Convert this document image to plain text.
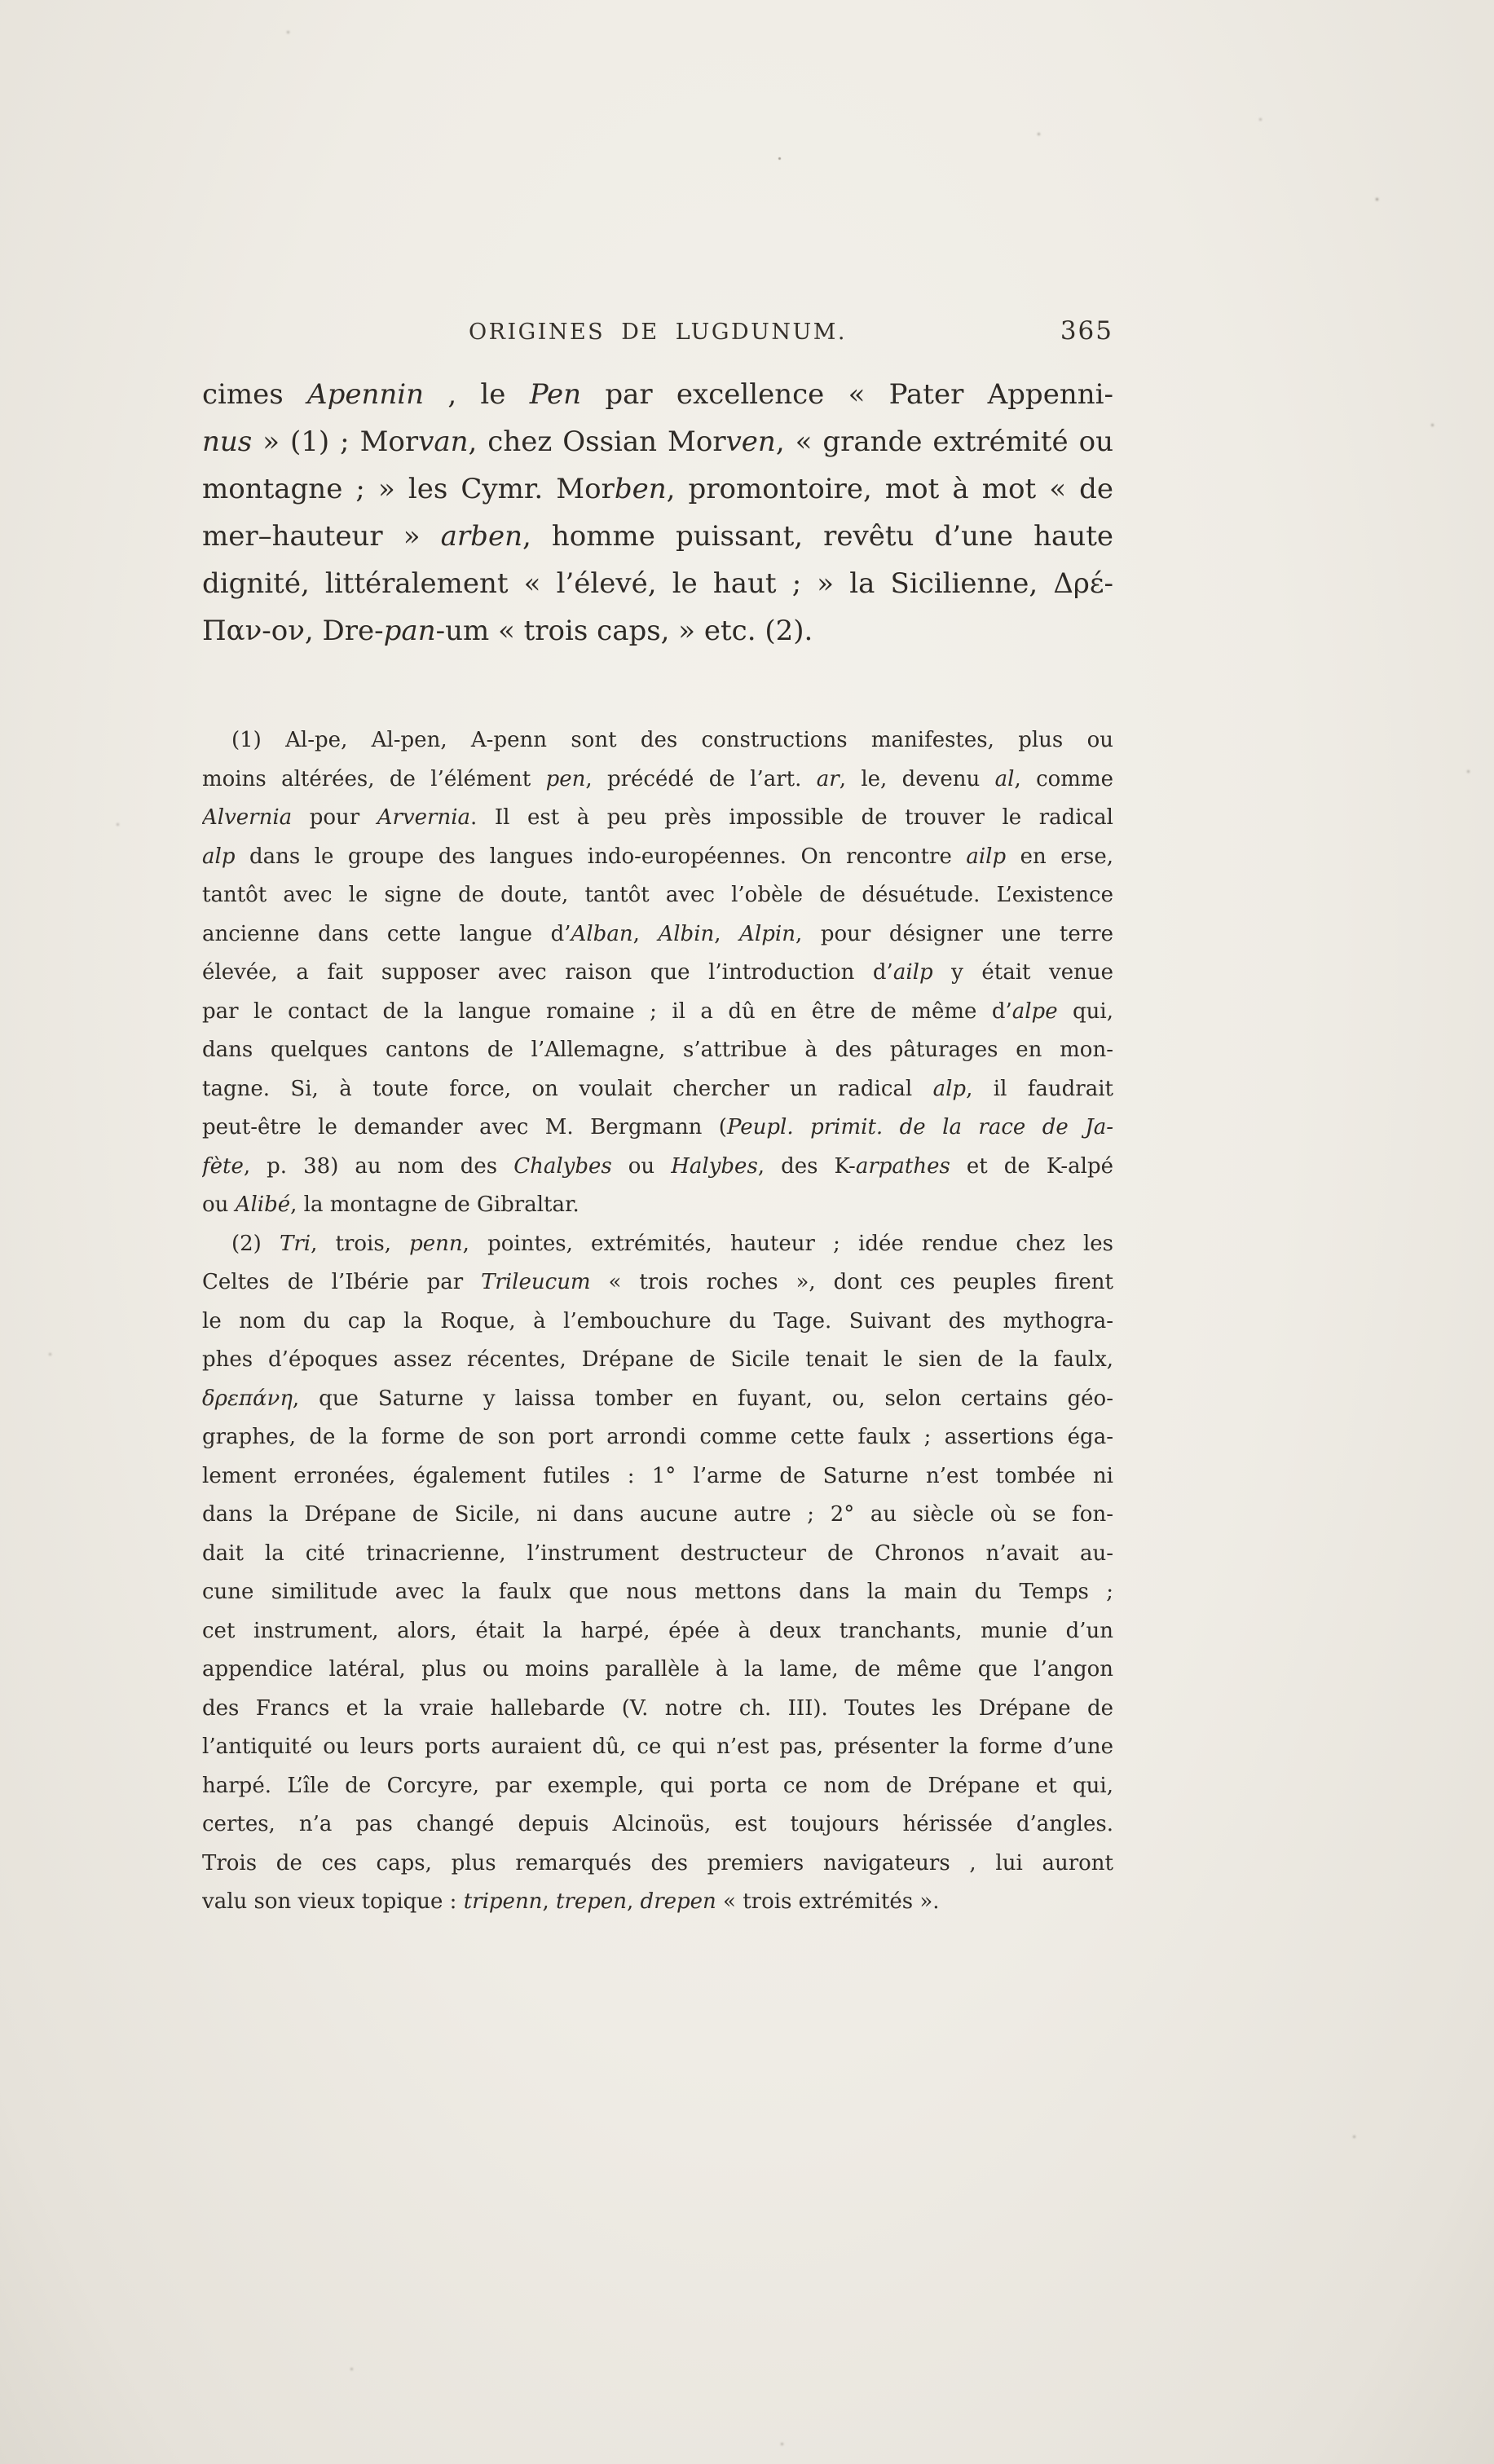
ORIGINES DE LUGDUNUM.	365
cimes Apennin , le Pen par excellence « Pater Appenni-
nus » (1) ; Morvan, chez Ossian Morven, « grande extrémité ou
montagne ; » les Cymr. Morben, promontoire, mot à mot « de
mer–hauteur » arben, homme puissant, revêtu d’une haute
dignité, littéralement « l’élevé, le haut ; » la Sicilienne, Δρέ-
Παν-ον, Dre-pan-um « trois caps, » etc. (2).
(1) Al-pe, Al-pen, A-penn sont des constructions manifestes, plus ou
moins altérées, de l’élément pen, précédé de l’art. ar, le, devenu al, comme
Alvernia pour Arvernia. Il est à peu près impossible de trouver le radical
alp dans le groupe des langues indo-européennes. On rencontre ailp en erse,
tantôt avec le signe de doute, tantôt avec l’obèle de désuétude. L’existence
ancienne dans cette langue d’Alban, Albin, Alpin, pour désigner une terre
élevée, a fait supposer avec raison que l’introduction d’ailp y était venue
par le contact de la langue romaine ; il a dû en être de même d’alpe qui,
dans quelques cantons de l’Allemagne, s’attribue à des pâturages en mon-
tagne. Si, à toute force, on voulait chercher un radical alp, il faudrait
peut-être le demander avec M. Bergmann (Peupl. primit. de la race de Ja-
fète, p. 38) au nom des Chalybes ou Halybes, des K-arpathes et de K-alpé
ou Alibé, la montagne de Gibraltar.
(2) Tri, trois, penn, pointes, extrémités, hauteur ; idée rendue chez les
Celtes de l’Ibérie par Trileucum « trois roches », dont ces peuples firent
le nom du cap la Roque, à l’embouchure du Tage. Suivant des mythogra-
phes d’époques assez récentes, Drépane de Sicile tenait le sien de la faulx,
δρεπάνη, que Saturne y laissa tomber en fuyant, ou, selon certains géo-
graphes, de la forme de son port arrondi comme cette faulx ; assertions éga-
lement erronées, également futiles : 1° l’arme de Saturne n’est tombée ni
dans la Drépane de Sicile, ni dans aucune autre ; 2° au siècle où se fon-
dait la cité trinacrienne, l’instrument destructeur de Chronos n’avait au-
cune similitude avec la faulx que nous mettons dans la main du Temps ;
cet instrument, alors, était la harpé, épée à deux tranchants, munie d’un
appendice latéral, plus ou moins parallèle à la lame, de même que l’angon
des Francs et la vraie hallebarde (V. notre ch. III). Toutes les Drépane de
l’antiquité ou leurs ports auraient dû, ce qui n’est pas, présenter la forme d’une
harpé. L’île de Corcyre, par exemple, qui porta ce nom de Drépane et qui,
certes, n’a pas changé depuis Alcinoüs, est toujours hérissée d’angles.
Trois de ces caps, plus remarqués des premiers navigateurs , lui auront
valu son vieux topique : tripenn, trepen, drepen « trois extrémités ».
